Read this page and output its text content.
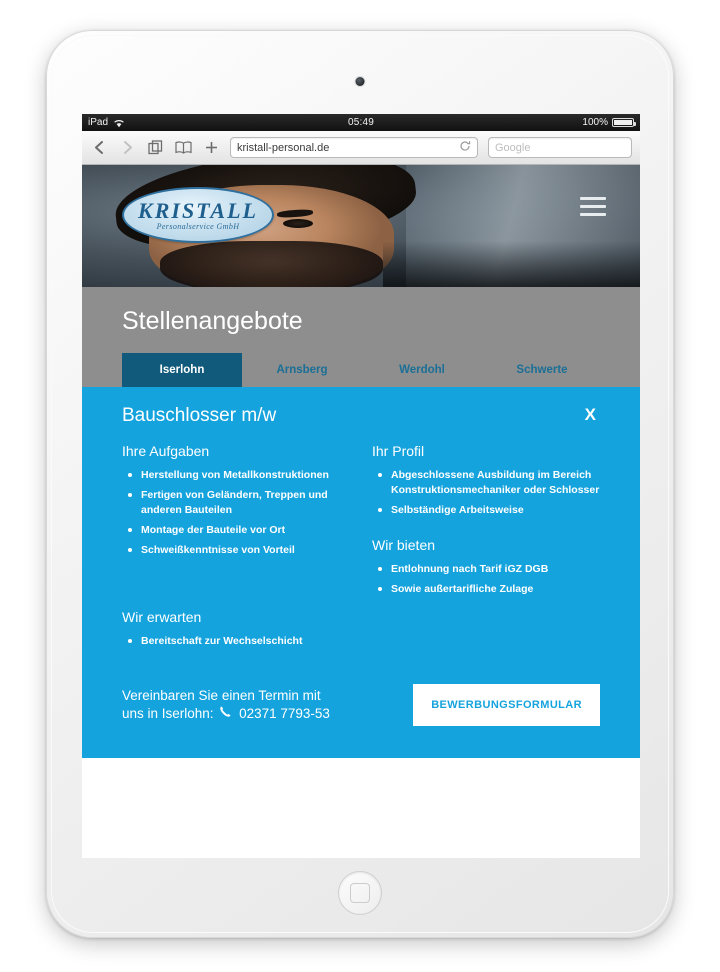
iPad	05:49	100%
kristall-personal.de	Google
KRISTALL
Personalservice GmbH
Stellenangebote
Iserlohn	Arnsberg	Werdohl	Schwerte
Bauschlosser m/w	X
Ihre Aufgaben
Herstellung von Metallkonstruktionen
Fertigen von Geländern, Treppen und anderen Bauteilen
Montage der Bauteile vor Ort
Schweißkenntnisse von Vorteil
Wir erwarten
Bereitschaft zur Wechselschicht
Ihr Profil
Abgeschlossene Ausbildung im Bereich Konstruktionsmechaniker oder Schlosser
Selbständige Arbeitsweise
Wir bieten
Entlohnung nach Tarif iGZ DGB
Sowie außertarifliche Zulage
Vereinbaren Sie einen Termin mit
uns in Iserlohn: 02371 7793-53
BEWERBUNGSFORMULAR
